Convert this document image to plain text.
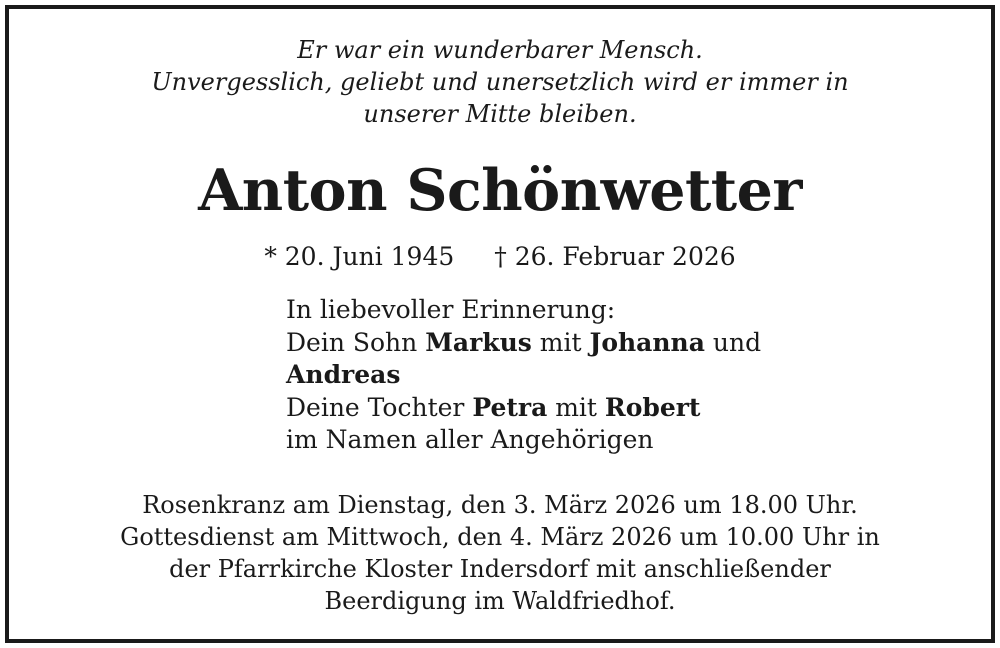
Er war ein wunderbarer Mensch.
Unvergesslich, geliebt und unersetzlich wird er immer in
unserer Mitte bleiben.
Anton Schönwetter
* 20. Juni 1945 † 26. Februar 2026
In liebevoller Erinnerung:
Dein Sohn Markus mit Johanna und
Andreas
Deine Tochter Petra mit Robert
im Namen aller Angehörigen
Rosenkranz am Dienstag, den 3. März 2026 um 18.00 Uhr.
Gottesdienst am Mittwoch, den 4. März 2026 um 10.00 Uhr in
der Pfarrkirche Kloster Indersdorf mit anschließender
Beerdigung im Waldfriedhof.
